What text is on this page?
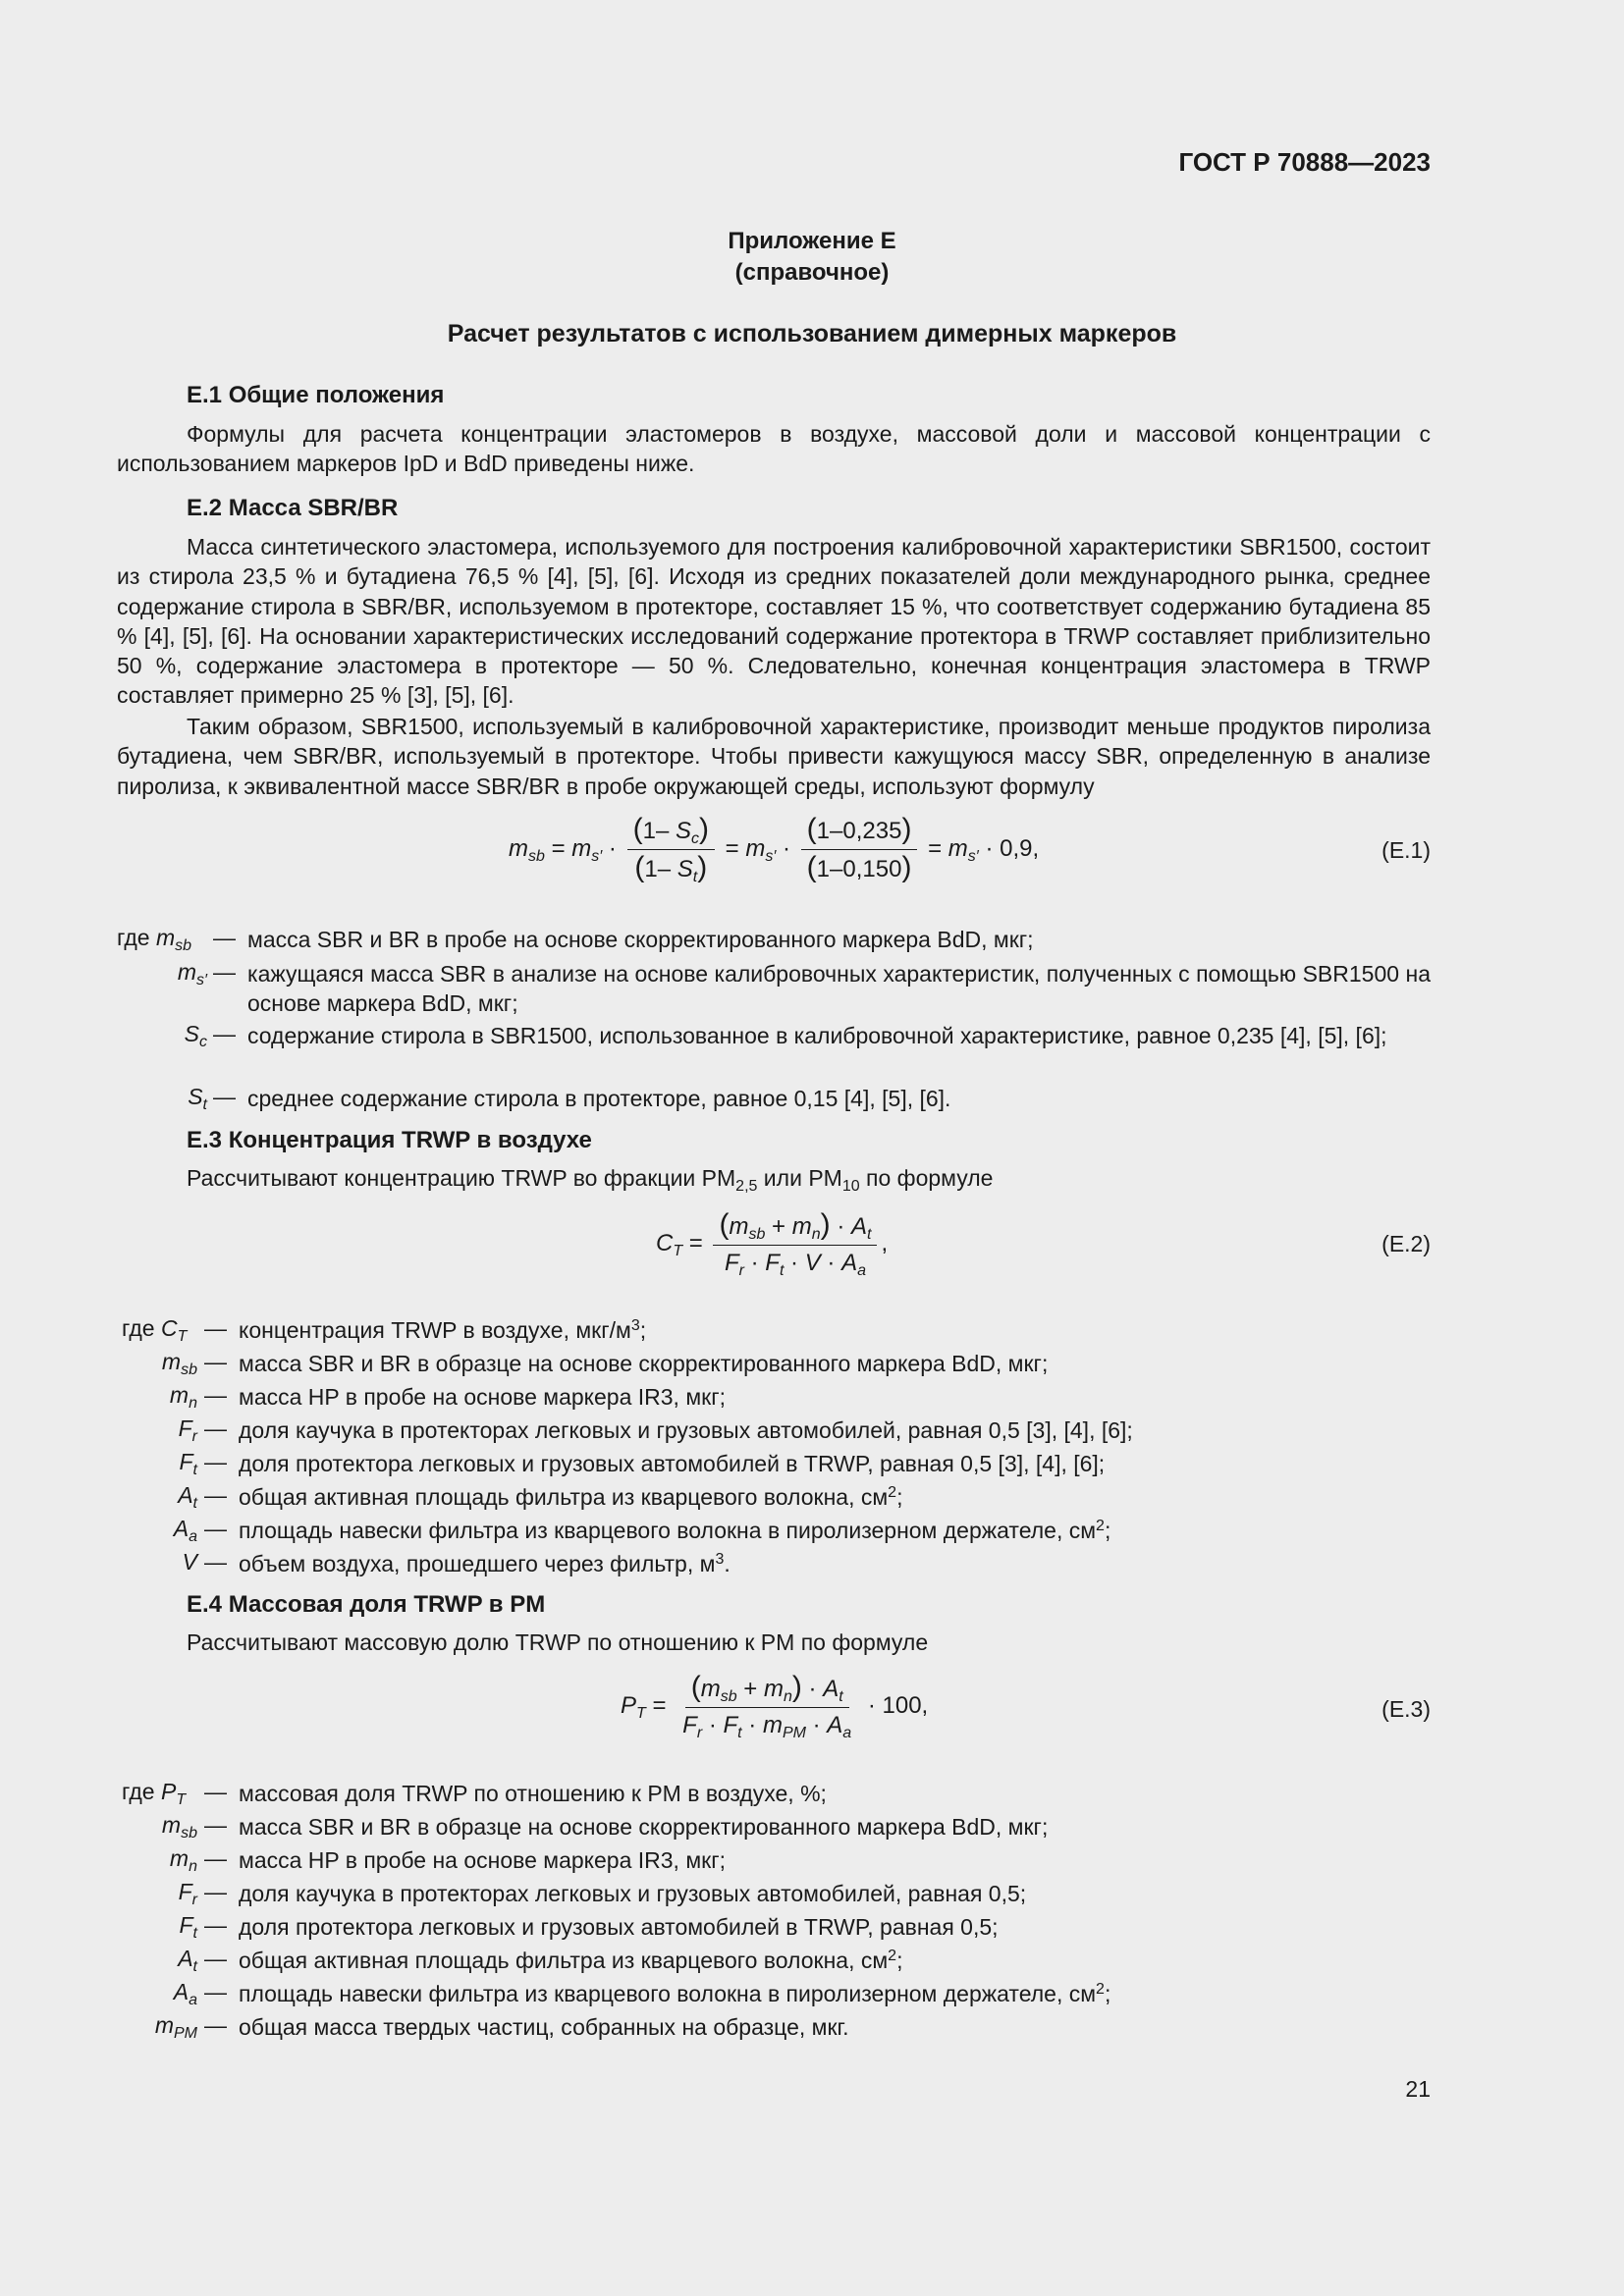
ГОСТ Р 70888—2023
Приложение Е
(справочное)
Расчет результатов с использованием димерных маркеров
Е.1 Общие положения
Формулы для расчета концентрации эластомеров в воздухе, массовой доли и массовой концентрации с использованием маркеров IpD и BdD приведены ниже.
Е.2 Масса SBR/BR
Масса синтетического эластомера, используемого для построения калибровочной характеристики SBR1500, состоит из стирола 23,5 % и бутадиена 76,5 % [4], [5], [6]. Исходя из средних показателей доли международного рынка, среднее содержание стирола в SBR/BR, используемом в протекторе, составляет 15 %, что соответствует содержанию бутадиена 85 % [4], [5], [6]. На основании характеристических исследований содержание протектора в TRWP составляет приблизительно 50 %, содержание эластомера в протекторе — 50 %. Следовательно, конечная концентрация эластомера в TRWP составляет примерно 25 % [3], [5], [6].
Таким образом, SBR1500, используемый в калибровочной характеристике, производит меньше продуктов пиролиза бутадиена, чем SBR/BR, используемый в протекторе. Чтобы привести кажущуюся массу SBR, определенную в анализе пиролиза, к эквивалентной массе SBR/BR в пробе окружающей среды, используют формулу
$m_{sb} = m_{s'} \cdot \frac{(1- S_c)}{(1- S_t)} = m_{s'} \cdot \frac{(1-0,235)}{(1-0,150)} = m_{s'} \cdot 0,9$,	(Е.1)
где $m_{sb}$ — масса SBR и BR в пробе на основе скорректированного маркера BdD, мкг;
$m_{s'}$ — кажущаяся масса SBR в анализе на основе калибровочных характеристик, полученных с помощью SBR1500 на основе маркера BdD, мкг;
$S_c$ — содержание стирола в SBR1500, использованное в калибровочной характеристике, равное 0,235 [4], [5], [6];
$S_t$ — среднее содержание стирола в протекторе, равное 0,15 [4], [5], [6].
Е.3 Концентрация TRWP в воздухе
Рассчитывают концентрацию TRWP во фракции $PM_{2,5}$ или $PM_{10}$ по формуле
$C_T = \frac{(m_{sb} + m_n) \cdot A_t}{F_r \cdot F_t \cdot V \cdot A_a}$ ,	(Е.2)
где $C_T$ — концентрация TRWP в воздухе, мкг/$м^3$;
$m_{sb}$ — масса SBR и BR в образце на основе скорректированного маркера BdD, мкг;
$m_n$ — масса HP в пробе на основе маркера IR3, мкг;
$F_r$ — доля каучука в протекторах легковых и грузовых автомобилей, равная 0,5 [3], [4], [6];
$F_t$ — доля протектора легковых и грузовых автомобилей в TRWP, равная 0,5 [3], [4], [6];
$A_t$ — общая активная площадь фильтра из кварцевого волокна, $см^2$;
$A_a$ — площадь навески фильтра из кварцевого волокна в пиролизерном держателе, $см^2$;
V — объем воздуха, прошедшего через фильтр, $м^3$.
Е.4 Массовая доля TRWP в PM
Рассчитывают массовую долю TRWP по отношению к PM по формуле
$P_T = \frac{(m_{sb} + m_n) \cdot A_t}{F_r \cdot F_t \cdot m_{PM} \cdot A_a} \cdot 100$,	(Е.3)
где $P_T$ — массовая доля TRWP по отношению к PM в воздухе, %;
$m_{sb}$ — масса SBR и BR в образце на основе скорректированного маркера BdD, мкг;
$m_n$ — масса HP в пробе на основе маркера IR3, мкг;
$F_r$ — доля каучука в протекторах легковых и грузовых автомобилей, равная 0,5;
$F_t$ — доля протектора легковых и грузовых автомобилей в TRWP, равная 0,5;
$A_t$ — общая активная площадь фильтра из кварцевого волокна, $см^2$;
$A_a$ — площадь навески фильтра из кварцевого волокна в пиролизерном держателе, $см^2$;
$m_{PM}$ — общая масса твердых частиц, собранных на образце, мкг.
21
